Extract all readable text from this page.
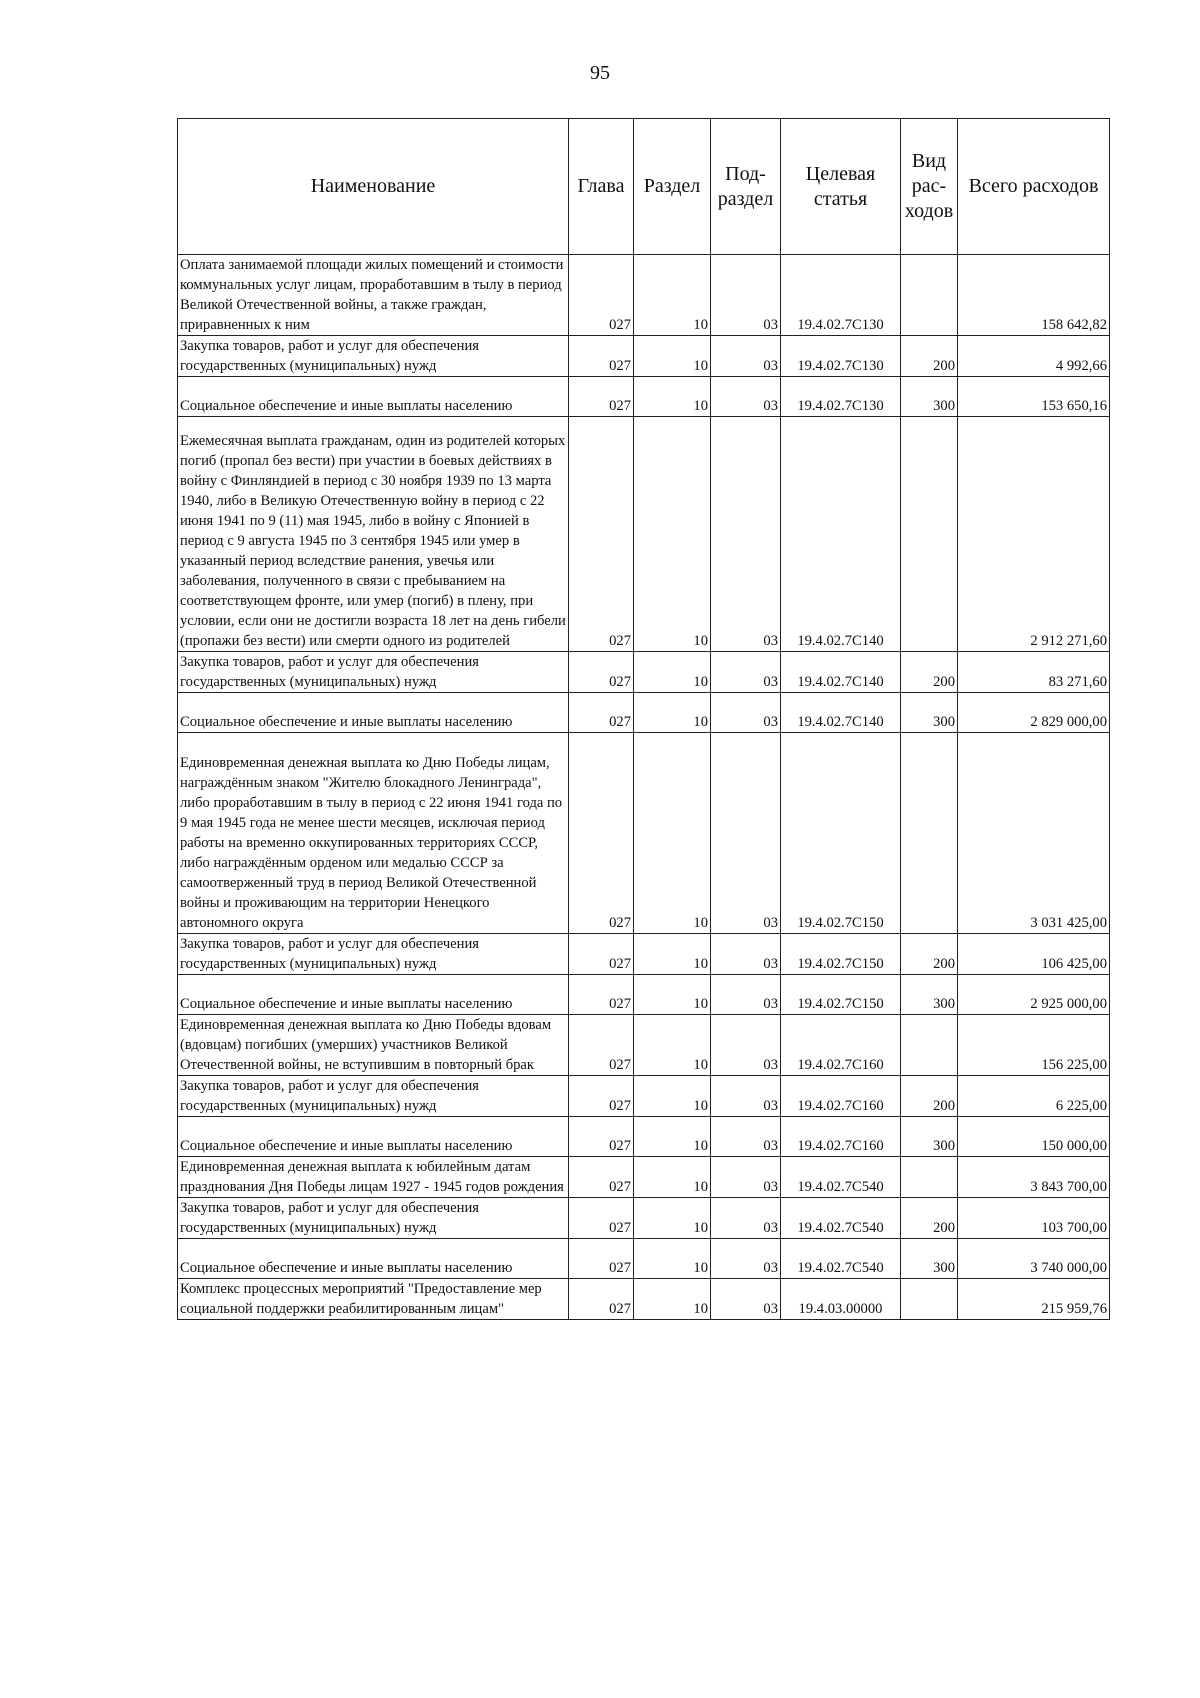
95
Наименование	Глава	Раздел	Под-раздел	Целевая статья	Вид рас-ходов	Всего расходов
Оплата занимаемой площади жилых помещений и стоимости коммунальных услуг лицам, проработавшим в тылу в период Великой Отечественной войны, а также граждан, приравненных к ним	027	10	03	19.4.02.7С130		158 642,82
Закупка товаров, работ и услуг для обеспечения государственных (муниципальных) нужд	027	10	03	19.4.02.7С130	200	4 992,66
Социальное обеспечение и иные выплаты населению	027	10	03	19.4.02.7С130	300	153 650,16
Ежемесячная выплата гражданам, один из родителей которых погиб (пропал без вести) при участии в боевых действиях в войну с Финляндией в период с 30 ноября 1939 по 13 марта 1940, либо в Великую Отечественную войну в период с 22 июня 1941 по 9 (11) мая 1945, либо в войну с Японией в период с 9 августа 1945 по 3 сентября 1945 или умер в указанный период вследствие ранения, увечья или заболевания, полученного в связи с пребыванием на соответствующем фронте, или умер (погиб) в плену, при условии, если они не достигли возраста 18 лет на день гибели (пропажи без вести) или смерти одного из родителей	027	10	03	19.4.02.7С140		2 912 271,60
Закупка товаров, работ и услуг для обеспечения государственных (муниципальных) нужд	027	10	03	19.4.02.7С140	200	83 271,60
Социальное обеспечение и иные выплаты населению	027	10	03	19.4.02.7С140	300	2 829 000,00
Единовременная денежная выплата ко Дню Победы лицам, награждённым знаком "Жителю блокадного Ленинграда", либо проработавшим в тылу в период с 22 июня 1941 года по 9 мая 1945 года не менее шести месяцев, исключая период работы на временно оккупированных территориях СССР, либо награждённым орденом или медалью СССР за самоотверженный труд в период Великой Отечественной войны и проживающим на территории Ненецкого автономного округа	027	10	03	19.4.02.7С150		3 031 425,00
Закупка товаров, работ и услуг для обеспечения государственных (муниципальных) нужд	027	10	03	19.4.02.7С150	200	106 425,00
Социальное обеспечение и иные выплаты населению	027	10	03	19.4.02.7С150	300	2 925 000,00
Единовременная денежная выплата ко Дню Победы вдовам (вдовцам) погибших (умерших) участников Великой Отечественной войны, не вступившим в повторный брак	027	10	03	19.4.02.7С160		156 225,00
Закупка товаров, работ и услуг для обеспечения государственных (муниципальных) нужд	027	10	03	19.4.02.7С160	200	6 225,00
Социальное обеспечение и иные выплаты населению	027	10	03	19.4.02.7С160	300	150 000,00
Единовременная денежная выплата к юбилейным датам празднования Дня Победы лицам 1927 - 1945 годов рождения	027	10	03	19.4.02.7С540		3 843 700,00
Закупка товаров, работ и услуг для обеспечения государственных (муниципальных) нужд	027	10	03	19.4.02.7С540	200	103 700,00
Социальное обеспечение и иные выплаты населению	027	10	03	19.4.02.7С540	300	3 740 000,00
Комплекс процессных мероприятий "Предоставление мер социальной поддержки реабилитированным лицам"	027	10	03	19.4.03.00000		215 959,76
